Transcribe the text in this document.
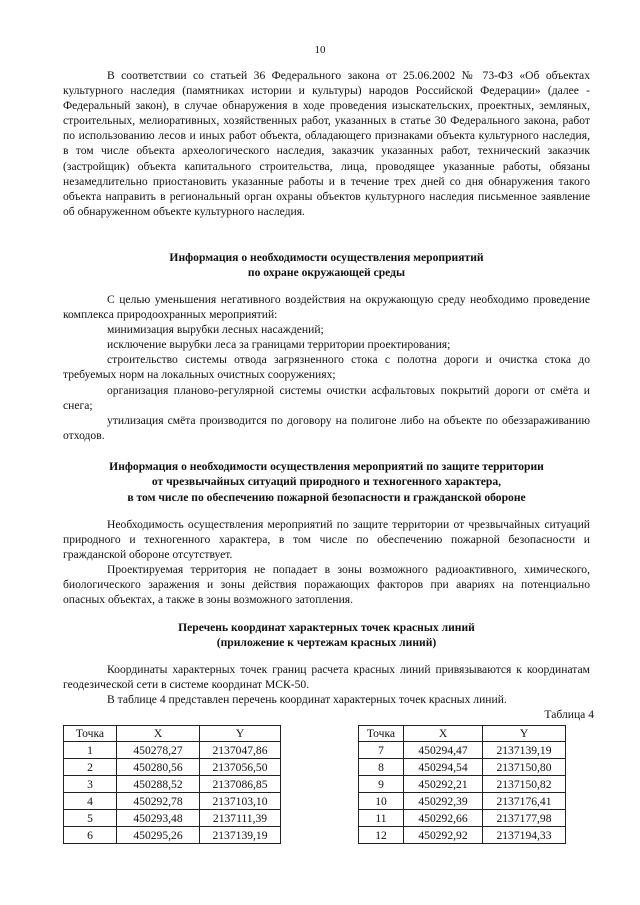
10
В соответствии со статьей 36 Федерального закона от 25.06.2002 № 73-ФЗ «Об объектах культурного наследия (памятниках истории и культуры) народов Российской Федерации» (далее - Федеральный закон), в случае обнаружения в ходе проведения изыскательских, проектных, земляных, строительных, мелиоративных, хозяйственных работ, указанных в статье 30 Федерального закона, работ по использованию лесов и иных работ объекта, обладающего признаками объекта культурного наследия, в том числе объекта археологического наследия, заказчик указанных работ, технический заказчик (застройщик) объекта капитального строительства, лица, проводящее указанные работы, обязаны незамедлительно приостановить указанные работы и в течение трех дней со дня обнаружения такого объекта направить в региональный орган охраны объектов культурного наследия письменное заявление об обнаруженном объекте культурного наследия.
Информация о необходимости осуществления мероприятий
по охране окружающей среды
С целью уменьшения негативного воздействия на окружающую среду необходимо проведение комплекса природоохранных мероприятий:
минимизация вырубки лесных насаждений;
исключение вырубки леса за границами территории проектирования;
строительство системы отвода загрязненного стока с полотна дороги и очистка стока до требуемых норм на локальных очистных сооружениях;
организация планово-регулярной системы очистки асфальтовых покрытий дороги от смёта и снега;
утилизация смёта производится по договору на полигоне либо на объекте по обеззараживанию отходов.
Информация о необходимости осуществления мероприятий по защите территории
от чрезвычайных ситуаций природного и техногенного характера,
в том числе по обеспечению пожарной безопасности и гражданской обороне
Необходимость осуществления мероприятий по защите территории от чрезвычайных ситуаций природного и техногенного характера, в том числе по обеспечению пожарной безопасности и гражданской обороне отсутствует.
Проектируемая территория не попадает в зоны возможного радиоактивного, химического, биологического заражения и зоны действия поражающих факторов при авариях на потенциально опасных объектах, а также в зоны возможного затопления.
Перечень координат характерных точек красных линий
(приложение к чертежам красных линий)
Координаты характерных точек границ расчета красных линий привязываются к координатам геодезической сети в системе координат МСК-50.
В таблице 4 представлен перечень координат характерных точек красных линий.
Таблица 4
Точка	X	Y
1	450278,27	2137047,86
2	450280,56	2137056,50
3	450288,52	2137086,85
4	450292,78	2137103,10
5	450293,48	2137111,39
6	450295,26	2137139,19
Точка	X	Y
7	450294,47	2137139,19
8	450294,54	2137150,80
9	450292,21	2137150,82
10	450292,39	2137176,41
11	450292,66	2137177,98
12	450292,92	2137194,33
